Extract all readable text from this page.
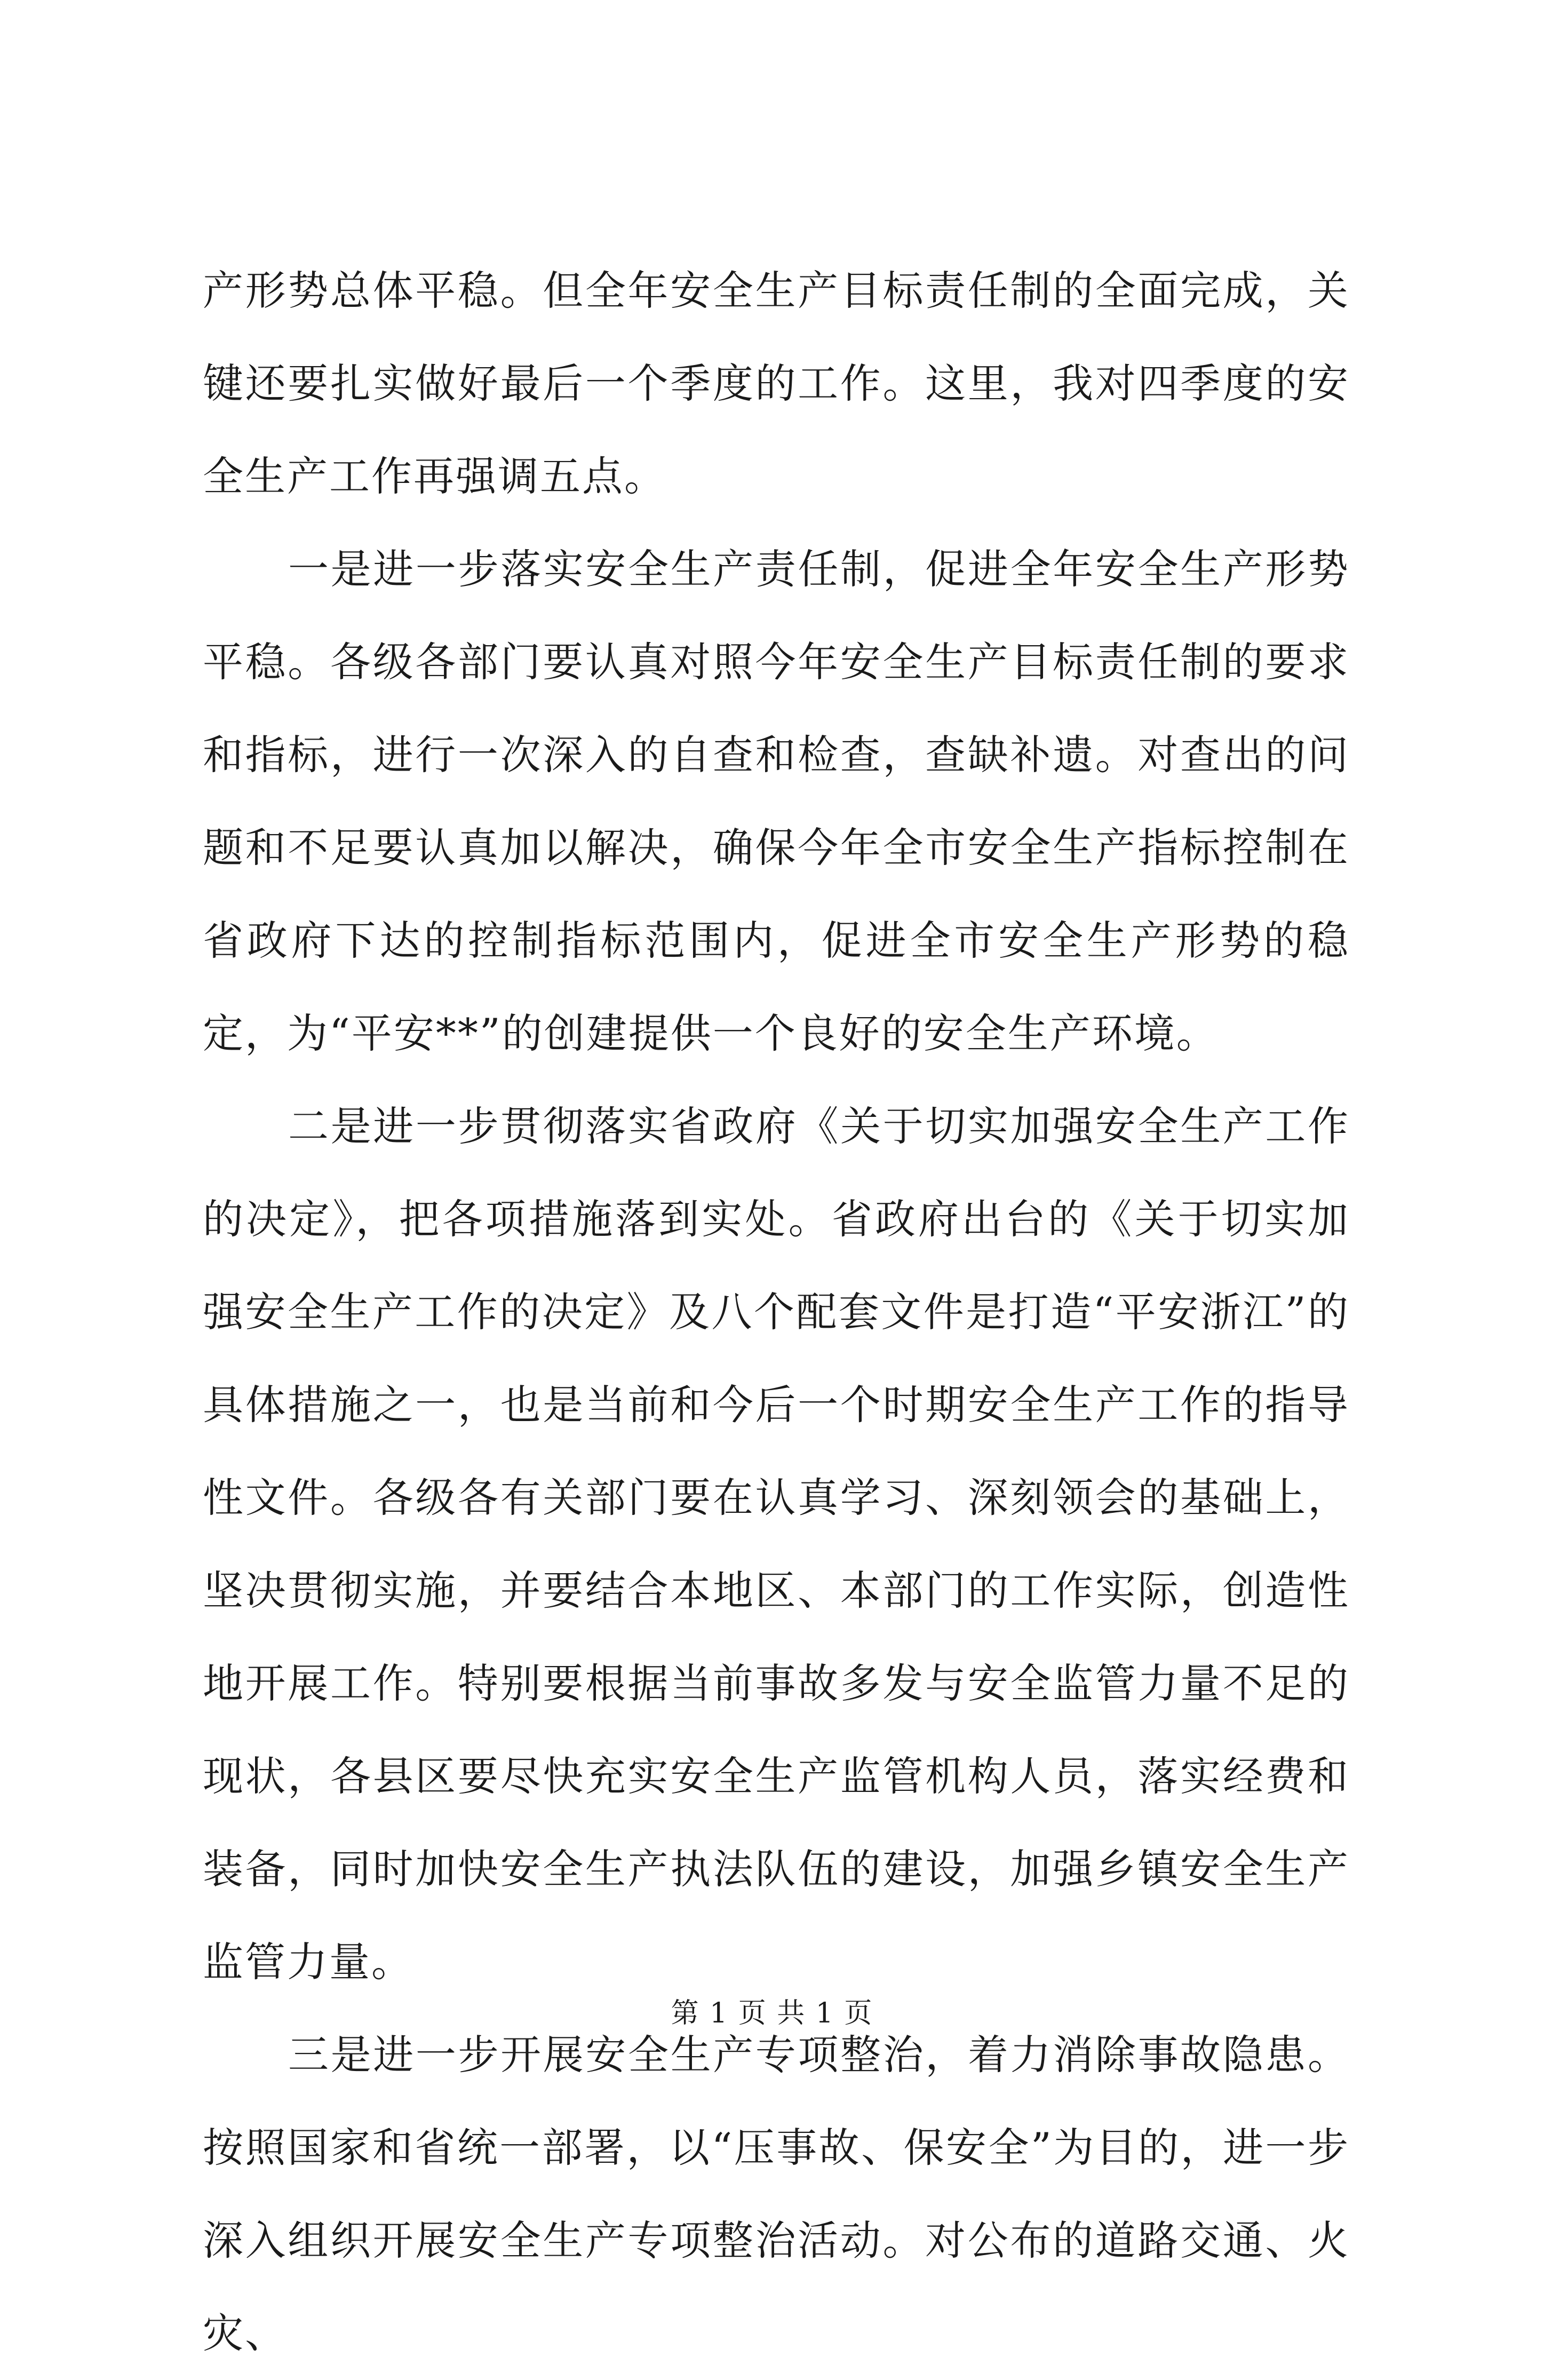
产形势总体平稳。但全年安全生产目标责任制的全面完成，关键还要扎实做好最后一个季度的工作。这里，我对四季度的安全生产工作再强调五点。

一是进一步落实安全生产责任制，促进全年安全生产形势平稳。各级各部门要认真对照今年安全生产目标责任制的要求和指标，进行一次深入的自查和检查，查缺补遗。对查出的问题和不足要认真加以解决，确保今年全市安全生产指标控制在省政府下达的控制指标范围内，促进全市安全生产形势的稳定，为“平安**”的创建提供一个良好的安全生产环境。

二是进一步贯彻落实省政府《关于切实加强安全生产工作的决定》，把各项措施落到实处。省政府出台的《关于切实加强安全生产工作的决定》及八个配套文件是打造“平安浙江”的具体措施之一，也是当前和今后一个时期安全生产工作的指导性文件。各级各有关部门要在认真学习、深刻领会的基础上，坚决贯彻实施，并要结合本地区、本部门的工作实际，创造性地开展工作。特别要根据当前事故多发与安全监管力量不足的现状，各县区要尽快充实安全生产监管机构人员，落实经费和装备，同时加快安全生产执法队伍的建设，加强乡镇安全生产监管力量。

三是进一步开展安全生产专项整治，着力消除事故隐患。按照国家和省统一部署，以“压事故、保安全”为目的，进一步深入组织开展安全生产专项整治活动。对公布的道路交通、火灾、

第 1 页 共 1 页
